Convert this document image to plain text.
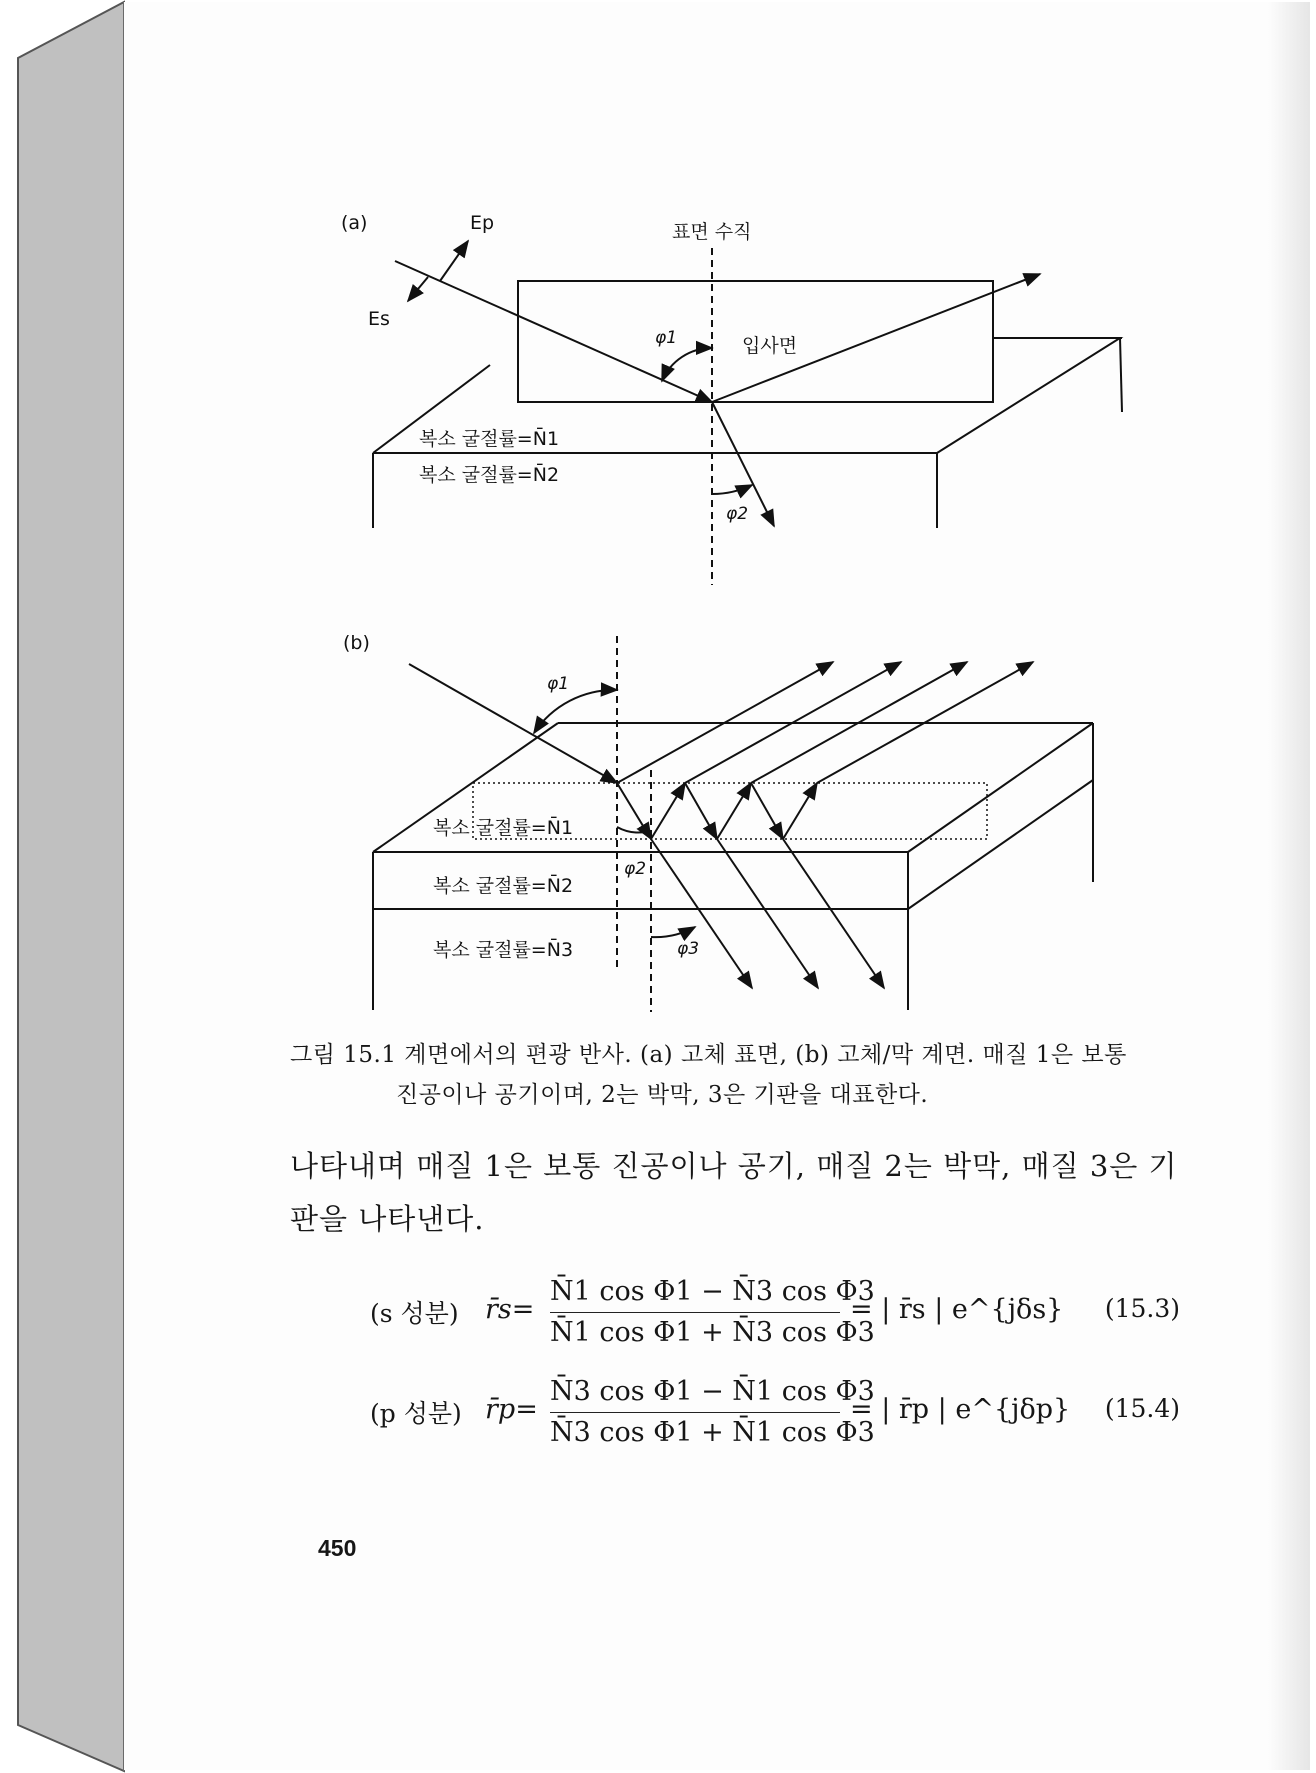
(a)	Ep
Es
표면 수직
입사면
φ1
φ2
복소 굴절률=N̄1
복소 굴절률=N̄2
(b)
φ1
φ2
φ3
복소 굴절률=N̄1
복소 굴절률=N̄2
복소 굴절률=N̄3
그림 15.1 계면에서의 편광 반사. (a) 고체 표면, (b) 고체/막 계면. 매질 1은 보통
진공이나 공기이며, 2는 박막, 3은 기판을 대표한다.
나타내며 매질 1은 보통 진공이나 공기, 매질 2는 박막, 매질 3은 기
판을 나타낸다.
(s 성분) r̄s= $\frac{\text{N̄1 cos Φ1 − N̄3 cos Φ3}}{\text{N̄1 cos Φ1 + N̄3 cos Φ3}}$ = | r̄s | e^{jδs} (15.3)
(p 성분) r̄p= $\frac{\text{N̄3 cos Φ1 − N̄1 cos Φ3}}{\text{N̄3 cos Φ1 + N̄1 cos Φ3}}$ = | r̄p | e^{jδp} (15.4)
450
